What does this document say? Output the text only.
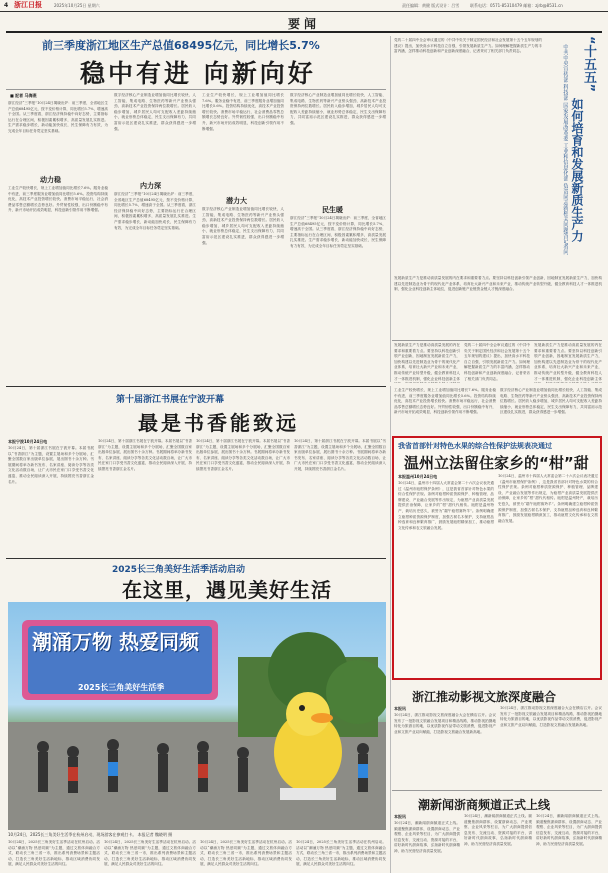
4 浙江日报	2025年10月25日 星期六	责任编辑：黄健 版式设计：吕雪	联系电话：0571-85310479 邮箱：zjrb@8531.cn
要闻
前三季度浙江地区生产总值68495亿元，同比增长5.7%
稳中有进 向新向好
■ 記者 马海燕
浙江经济“三季报”10月24日揭晓出炉：前三季度，全省地区生产总值68495亿元，按不变价格计算，同比增长5.7%，增速高于全国。从三季度看，浙江经济保持稳中向好态势，主要指标运行在合理区间，积极因素累积增多，高质量发展扎实推进。生产需求稳步增长，新动能加快成长，民生保障有力有效，为完成全年目标任务奠定坚实基础。
动力稳
工业生产较快增长，规上工业增加值同比增长7.6%。服务业稳中有进，前三季度服务业增加值同比增长5.6%。投资结构持续优化，高技术产业投资增长较快。消费市场平稳运行，社会消费品零售总额增长态势良好。外贸韧性较强，出口份额稳中有升，新兴市场开拓成效明显，科技创新引领作用不断增强。
数字经济核心产业制造业增加值同比增长较快，人工智能、集成电路、生物医药等新兴产业势头强劲，高新技术产业投资保持两位数增长。居民收入稳步增加，城乡居民人均可支配收入差距持续缩小，就业形势总体稳定，民生支出保障有力，共同富裕示范区建设扎实推进，群众获得感进一步增强。
内力深
浙江经济“三季报”10月24日揭晓出炉：前三季度，全省地区生产总值68495亿元，按不变价格计算，同比增长5.7%，增速高于全国。从三季度看，浙江经济保持稳中向好态势，主要指标运行在合理区间，积极因素累积增多，高质量发展扎实推进。生产需求稳步增长，新动能加快成长，民生保障有力有效，为完成全年目标任务奠定坚实基础。
工业生产较快增长，规上工业增加值同比增长7.6%。服务业稳中有进，前三季度服务业增加值同比增长5.6%。投资结构持续优化，高技术产业投资增长较快。消费市场平稳运行，社会消费品零售总额增长态势良好。外贸韧性较强，出口份额稳中有升，新兴市场开拓成效明显，科技创新引领作用不断增强。
潜力大
数字经济核心产业制造业增加值同比增长较快，人工智能、集成电路、生物医药等新兴产业势头强劲，高新技术产业投资保持两位数增长。居民收入稳步增加，城乡居民人均可支配收入差距持续缩小，就业形势总体稳定，民生支出保障有力，共同富裕示范区建设扎实推进，群众获得感进一步增强。
数字经济核心产业制造业增加值同比增长较快，人工智能、集成电路、生物医药等新兴产业势头强劲，高新技术产业投资保持两位数增长。居民收入稳步增加，城乡居民人均可支配收入差距持续缩小，就业形势总体稳定，民生支出保障有力，共同富裕示范区建设扎实推进，群众获得感进一步增强。
民生暖
浙江经济“三季报”10月24日揭晓出炉：前三季度，全省地区生产总值68495亿元，按不变价格计算，同比增长5.7%，增速高于全国。从三季度看，浙江经济保持稳中向好态势，主要指标运行在合理区间，积极因素累积增多，高质量发展扎实推进。生产需求稳步增长，新动能加快成长，民生保障有力有效，为完成全年目标任务奠定坚实基础。
党的二十届四中全会审议通过的《中共中央关于制定国民经济和社会发展第十五个五年规划的建议》提出，加快高水平科技自立自强，引领发展新质生产力。如何理解把握新质生产力的丰富内涵，怎样推动科技创新和产业创新深度融合，记者采访了相关部门负责同志。	“十五五”
如何培育和发展新质生产力
中共中央宣传部 科技部 国家发展改革委 工业和信息化部 负责同志就相关问题答记者问
发展新质生产力是推动高质量发展的内在要求和重要着力点。要坚持以科技创新引领产业创新，因地制宜发展新质生产力，加快构建以先进制造业为骨干的现代化产业体系，培育壮大新兴产业和未来产业，推动传统产业转型升级，健全教育科技人才一体推进机制，强化企业科技创新主体地位，促进创新链产业链资金链人才链深度融合。
发展新质生产力是推动高质量发展的内在要求和重要着力点。要坚持以科技创新引领产业创新，因地制宜发展新质生产力，加快构建以先进制造业为骨干的现代化产业体系，培育壮大新兴产业和未来产业，推动传统产业转型升级，健全教育科技人才一体推进机制，强化企业科技创新主体
党的二十届四中全会审议通过的《中共中央关于制定国民经济和社会发展第十五个五年规划的建议》提出，加快高水平科技自立自强，引领发展新质生产力。如何理解把握新质生产力的丰富内涵，怎样推动科技创新和产业创新深度融合，记者采访了相关部门负责同志。
发展新质生产力是推动高质量发展的内在要求和重要着力点。要坚持以科技创新引领产业创新，因地制宜发展新质生产力，加快构建以先进制造业为骨干的现代化产业体系，培育壮大新兴产业和未来产业，推动传统产业转型升级，健全教育科技人才一体推进机制，强化企业科技创新主体
第十届浙江书展在宁波开幕
最是书香能致远
本报宁波10月24日电
10月24日，第十届浙江书展在宁波开幕。本届书展以“书香浙江”为主题，设置主展场和多个分展场，汇聚全国数百家出版单位参展，展出图书十余万种。书展期间将举办新书发布、名家讲座、阅读分享等各类文化活动数百场，让广大市民在家门口享受书香文化盛宴，推动全民阅读深入开展，持续擦亮书香浙江金名片。
10月24日，第十届浙江书展在宁波开幕。本届书展以“书香浙江”为主题，设置主展场和多个分展场，汇聚全国数百家出版单位参展，展出图书十余万种。书展期间将举办新书发布、名家讲座、阅读分享等各类文化活动数百场，让广大市民在家门口享受书香文化盛宴，推动全民阅读深入开展，持续擦亮书香浙江金名片。
10月24日，第十届浙江书展在宁波开幕。本届书展以“书香浙江”为主题，设置主展场和多个分展场，汇聚全国数百家出版单位参展，展出图书十余万种。书展期间将举办新书发布、名家讲座、阅读分享等各类文化活动数百场，让广大市民在家门口享受书香文化盛宴，推动全民阅读深入开展，持续擦亮书香浙江金名片。
10月24日，第十届浙江书展在宁波开幕。本届书展以“书香浙江”为主题，设置主展场和多个分展场，汇聚全国数百家出版单位参展，展出图书十余万种。书展期间将举办新书发布、名家讲座、阅读分享等各类文化活动数百场，让广大市民在家门口享受书香文化盛宴，推动全民阅读深入开展，持续擦亮书香浙江金名片。
2025长三角美好生活季活动启动
在这里，遇见美好生活
潮涌万物 热爱同频
2025长三角美好生活季
10月24日，2025长三角美好生活季在杭州启动，现场游客在参观打卡。 本报记者 魏晓明 摄
10月24日，2025长三角美好生活季活动在杭州启动。活动以“潮涌万物 热爱同频”为主题，通过文旅体商融合方式，联动长三角三省一市，推出系列消费场景和主题活动，打造长三角美好生活新地标，推动区域消费协同发展，满足人民群众对美好生活的向往。
10月24日，2025长三角美好生活季活动在杭州启动。活动以“潮涌万物 热爱同频”为主题，通过文旅体商融合方式，联动长三角三省一市，推出系列消费场景和主题活动，打造长三角美好生活新地标，推动区域消费协同发展，满足人民群众对美好生活的向往。
10月24日，2025长三角美好生活季活动在杭州启动。活动以“潮涌万物 热爱同频”为主题，通过文旅体商融合方式，联动长三角三省一市，推出系列消费场景和主题活动，打造长三角美好生活新地标，推动区域消费协同发展，满足人民群众对美好生活的向往。
10月24日，2025长三角美好生活季活动在杭州启动。活动以“潮涌万物 热爱同频”为主题，通过文旅体商融合方式，联动长三角三省一市，推出系列消费场景和主题活动，打造长三角美好生活新地标，推动区域消费协同发展，满足人民群众对美好生活的向往。
工业生产较快增长，规上工业增加值同比增长7.6%。服务业稳中有进，前三季度服务业增加值同比增长5.6%。投资结构持续优化，高技术产业投资增长较快。消费市场平稳运行，社会消费品零售总额增长态势良好。外贸韧性较强，出口份额稳中有升，新兴市场开拓成效明显，科技创新引领作用不断增强。
数字经济核心产业制造业增加值同比增长较快，人工智能、集成电路、生物医药等新兴产业势头强劲，高新技术产业投资保持两位数增长。居民收入稳步增加，城乡居民人均可支配收入差距持续缩小，就业形势总体稳定，民生支出保障有力，共同富裕示范区建设扎实推进，群众获得感进一步增强。
我省首部针对特色水果的综合性保护法规表决通过
温州立法留住家乡的“柑”甜
本报温州10月24日电
10月24日，温州市十四届人大常委会第二十六次会议表决通过《温州市瓯柑保护条例》，这是我省首部针对特色水果的综合性保护法规。条例对瓯柑种质资源保护、种植管理、品牌建设、产业融合发展等作出规定，为瓯柑产业高质量发展提供法治保障，让家乡的“柑”甜代代相传。瓯柑是温州特产，栽培历史悠久，被誉为“端午瓯柑赛羚羊”。条例明确建立瓯柑种质资源保护制度，加强古树名木保护，支持瓯柑品种选育和良种繁育推广，鼓励发展瓯柑精深加工，推动瓯柑文化传承和农文旅融合发展。
10月24日，温州市十四届人大常委会第二十六次会议表决通过《温州市瓯柑保护条例》，这是我省首部针对特色水果的综合性保护法规。条例对瓯柑种质资源保护、种植管理、品牌建设、产业融合发展等作出规定，为瓯柑产业高质量发展提供法治保障，让家乡的“柑”甜代代相传。瓯柑是温州特产，栽培历史悠久，被誉为“端午瓯柑赛羚羊”。条例明确建立瓯柑种质资源保护制度，加强古树名木保护，支持瓯柑品种选育和良种繁育推广，鼓励发展瓯柑精深加工，推动瓯柑文化传承和农文旅融合发展。
浙江推动影视文旅深度融合
本报讯
10月24日，浙江推动影视文旅深度融合大会在横店召开。会议发布了一批影视文旅融合发展项目和精品线路，推动影视拍摄地转化为旅游目的地，以优质影视作品带动文旅消费，促进影视产业和文旅产业双向赋能，打造影视文旅融合发展新高地。
10月24日，浙江推动影视文旅深度融合大会在横店召开。会议发布了一批影视文旅融合发展项目和精品线路，推动影视拍摄地转化为旅游目的地，以优质影视作品带动文旅消费，促进影视产业和文旅产业双向赋能，打造影视文旅融合发展新高地。
潮新闻浙商频道正式上线
本报讯
10月24日，潮新闻浙商频道正式上线。频道聚焦浙商群体，设置浙商动态、产业观察、企业风采等栏目，为广大浙商提供信息发布、交流互动、资源对接的平台，讲好新时代浙商故事，弘扬新时代浙商精神，助力民营经济高质量发展。
10月24日，潮新闻浙商频道正式上线。频道聚焦浙商群体，设置浙商动态、产业观察、企业风采等栏目，为广大浙商提供信息发布、交流互动、资源对接的平台，讲好新时代浙商故事，弘扬新时代浙商精神，助力民营经济高质量发展。
10月24日，潮新闻浙商频道正式上线。频道聚焦浙商群体，设置浙商动态、产业观察、企业风采等栏目，为广大浙商提供信息发布、交流互动、资源对接的平台，讲好新时代浙商故事，弘扬新时代浙商精神，助力民营经济高质量发展。
